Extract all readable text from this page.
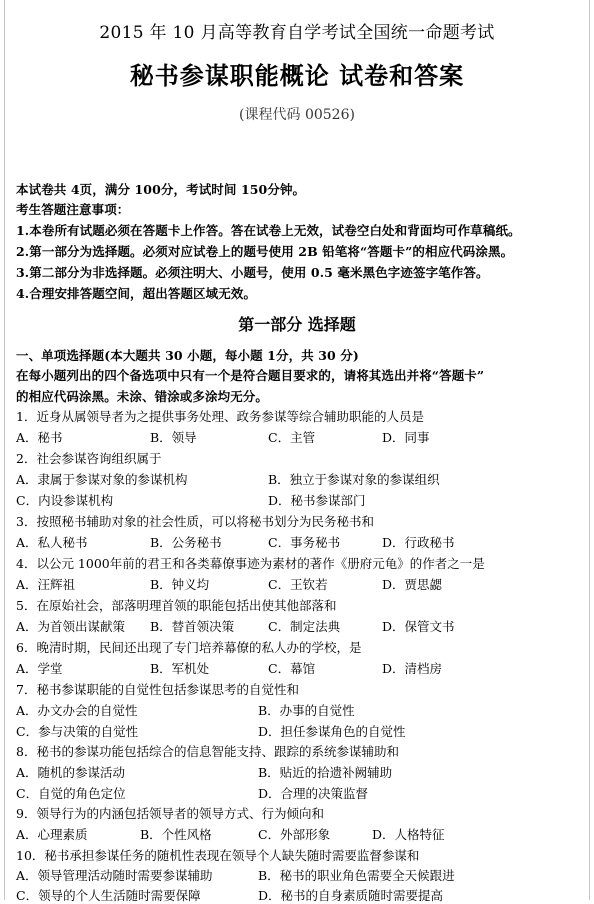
2015 年 10 月高等教育自学考试全国统一命题考试
秘书参谋职能概论 试卷和答案
(课程代码 00526)
本试卷共 4页，满分 100分，考试时间 150分钟。
考生答题注意事项：
1.本卷所有试题必须在答题卡上作答。答在试卷上无效，试卷空白处和背面均可作草稿纸。
2.第一部分为选择题。必须对应试卷上的题号使用 2B 铅笔将“答题卡”的相应代码涂黑。
3.第二部分为非选择题。必须注明大、小题号，使用 0.5 毫米黑色字迹签字笔作答。
4.合理安排答题空间，超出答题区域无效。
第一部分 选择题
一、单项选择题(本大题共 30 小题，每小题 1分，共 30 分)
在每小题列出的四个备选项中只有一个是符合题目要求的，请将其选出并将“答题卡”
的相应代码涂黑。未涂、错涂或多涂均无分。
1．近身从属领导者为之提供事务处理、政务参谋等综合辅助职能的人员是
A．秘书	B．领导	C．主管	D．同事
2．社会参谋咨询组织属于
A．隶属于参谋对象的参谋机构	B．独立于参谋对象的参谋组织
C．内设参谋机构	D．秘书参谋部门
3．按照秘书辅助对象的社会性质，可以将秘书划分为民务秘书和
A．私人秘书	B．公务秘书	C．事务秘书	D．行政秘书
4．以公元 1000年前的君王和各类幕僚事迹为素材的著作《册府元龟》的作者之一是
A．汪辉祖	B．钟义均	C．王钦若	D．贾思勰
5．在原始社会，部落明理首领的职能包括出使其他部落和
A．为首领出谋献策 B．替首领决策	C．制定法典	D．保管文书
6．晚清时期，民间还出现了专门培养幕僚的私人办的学校，是
A．学堂	B．军机处	C．幕馆	D．清档房
7．秘书参谋职能的自觉性包括参谋思考的自觉性和
A．办文办会的自觉性	B．办事的自觉性
C．参与决策的自觉性	D．担任参谋角色的自觉性
8．秘书的参谋功能包括综合的信息智能支持、跟踪的系统参谋辅助和
A．随机的参谋活动	B．贴近的拾遗补阙辅助
C．自觉的角色定位	D．合理的决策监督
9．领导行为的内涵包括领导者的领导方式、行为倾向和
A．心理素质	B．个性风格	C．外部形象	D．人格特征
10．秘书承担参谋任务的随机性表现在领导个人缺失随时需要监督参谋和
A．领导管理活动随时需要参谋辅助	B．秘书的职业角色需要全天候跟进
C．领导的个人生活随时需要保障	D．秘书的自身素质随时需要提高
